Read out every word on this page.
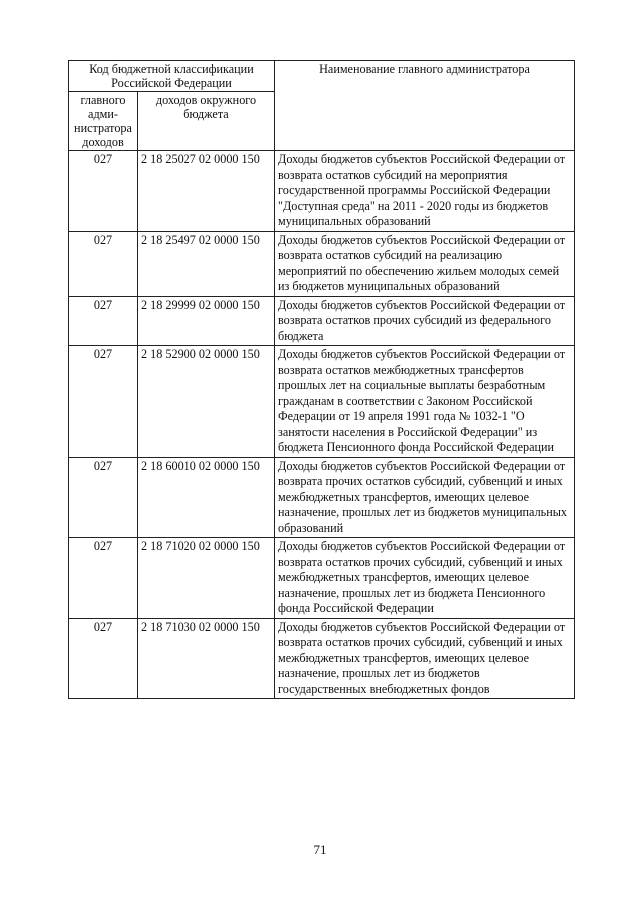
Код бюджетной классификации Российской Федерации		Наименование главного администратора
главного адми-нистратора доходов	доходов окружного бюджета	
027	2 18 25027 02 0000 150	Доходы бюджетов субъектов Российской Федерации от возврата остатков субсидий на мероприятия государственной программы Российской Федерации "Доступная среда" на 2011 - 2020 годы из бюджетов муниципальных образований
027	2 18 25497 02 0000 150	Доходы бюджетов субъектов Российской Федерации от возврата остатков субсидий на реализацию мероприятий по обеспечению жильем молодых семей из бюджетов муниципальных образований
027	2 18 29999 02 0000 150	Доходы бюджетов субъектов Российской Федерации от возврата остатков прочих субсидий из федерального бюджета
027	2 18 52900 02 0000 150	Доходы бюджетов субъектов Российской Федерации от возврата остатков межбюджетных трансфертов прошлых лет на социальные выплаты безработным гражданам в соответствии с Законом Российской Федерации от 19 апреля 1991 года № 1032-1 "О занятости населения в Российской Федерации" из бюджета Пенсионного фонда Российской Федерации
027	2 18 60010 02 0000 150	Доходы бюджетов субъектов Российской Федерации от возврата прочих остатков субсидий, субвенций и иных межбюджетных трансфертов, имеющих целевое назначение, прошлых лет из бюджетов муниципальных образований
027	2 18 71020 02 0000 150	Доходы бюджетов субъектов Российской Федерации от возврата остатков прочих субсидий, субвенций и иных межбюджетных трансфертов, имеющих целевое назначение, прошлых лет из бюджета Пенсионного фонда Российской Федерации
027	2 18 71030 02 0000 150	Доходы бюджетов субъектов Российской Федерации от возврата остатков прочих субсидий, субвенций и иных межбюджетных трансфертов, имеющих целевое назначение, прошлых лет из бюджетов государственных внебюджетных фондов
71
